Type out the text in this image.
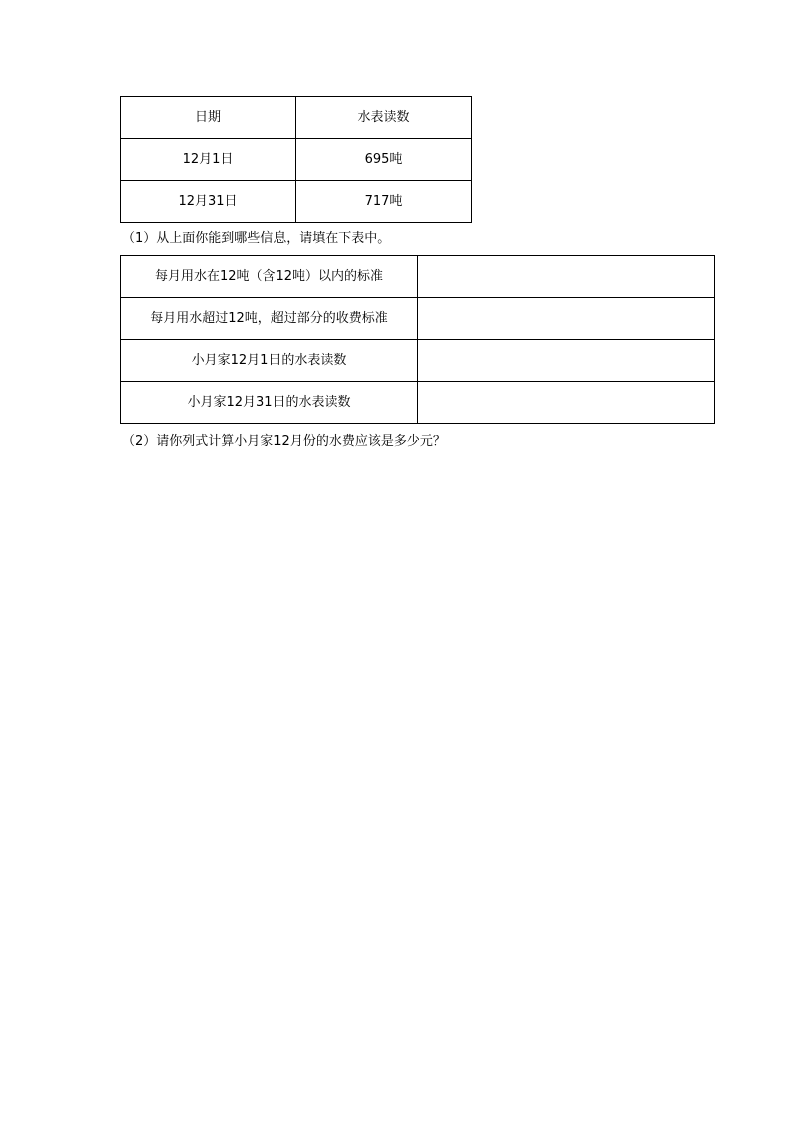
日期	水表读数
12月1日	695吨
12月31日	717吨
（1）从上面你能到哪些信息，请填在下表中。
每月用水在12吨（含12吨）以内的标准	
每月用水超过12吨，超过部分的收费标准	
小月家12月1日的水表读数	
小月家12月31日的水表读数	
（2）请你列式计算小月家12月份的水费应该是多少元？
